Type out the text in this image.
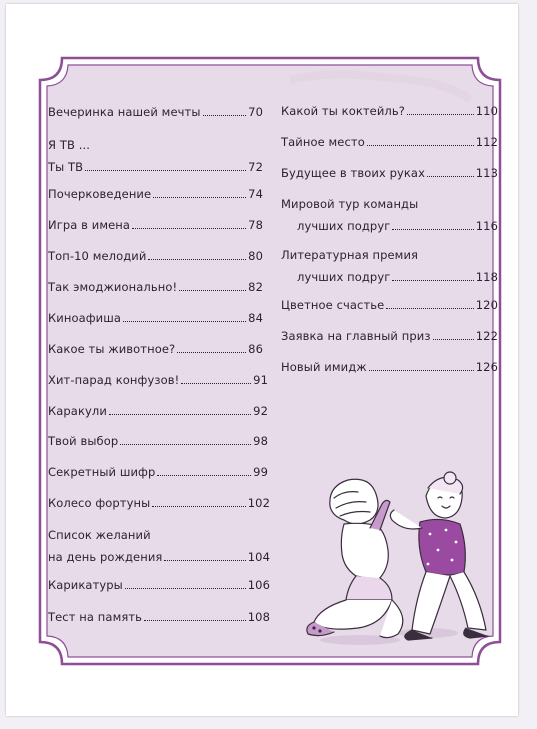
Вечеринка нашей мечты	70
Я ТВ ...
Ты ТВ	72
Почерковедение	74
Игра в имена	78
Топ-10 мелодий	80
Так эмоджионально!	82
Киноафиша	84
Какое ты животное?	86
Хит-парад конфузов!	91
Каракули	92
Твой выбор	98
Секретный шифр	99
Колесо фортуны	102
Список желаний
на день рождения	104
Карикатуры	106
Тест на память	108
Какой ты коктейль?	110
Тайное место	112
Будущее в твоих руках	113
Мировой тур команды
лучших подруг	116
Литературная премия
лучших подруг	118
Цветное счастье	120
Заявка на главный приз	122
Новый имидж	126
